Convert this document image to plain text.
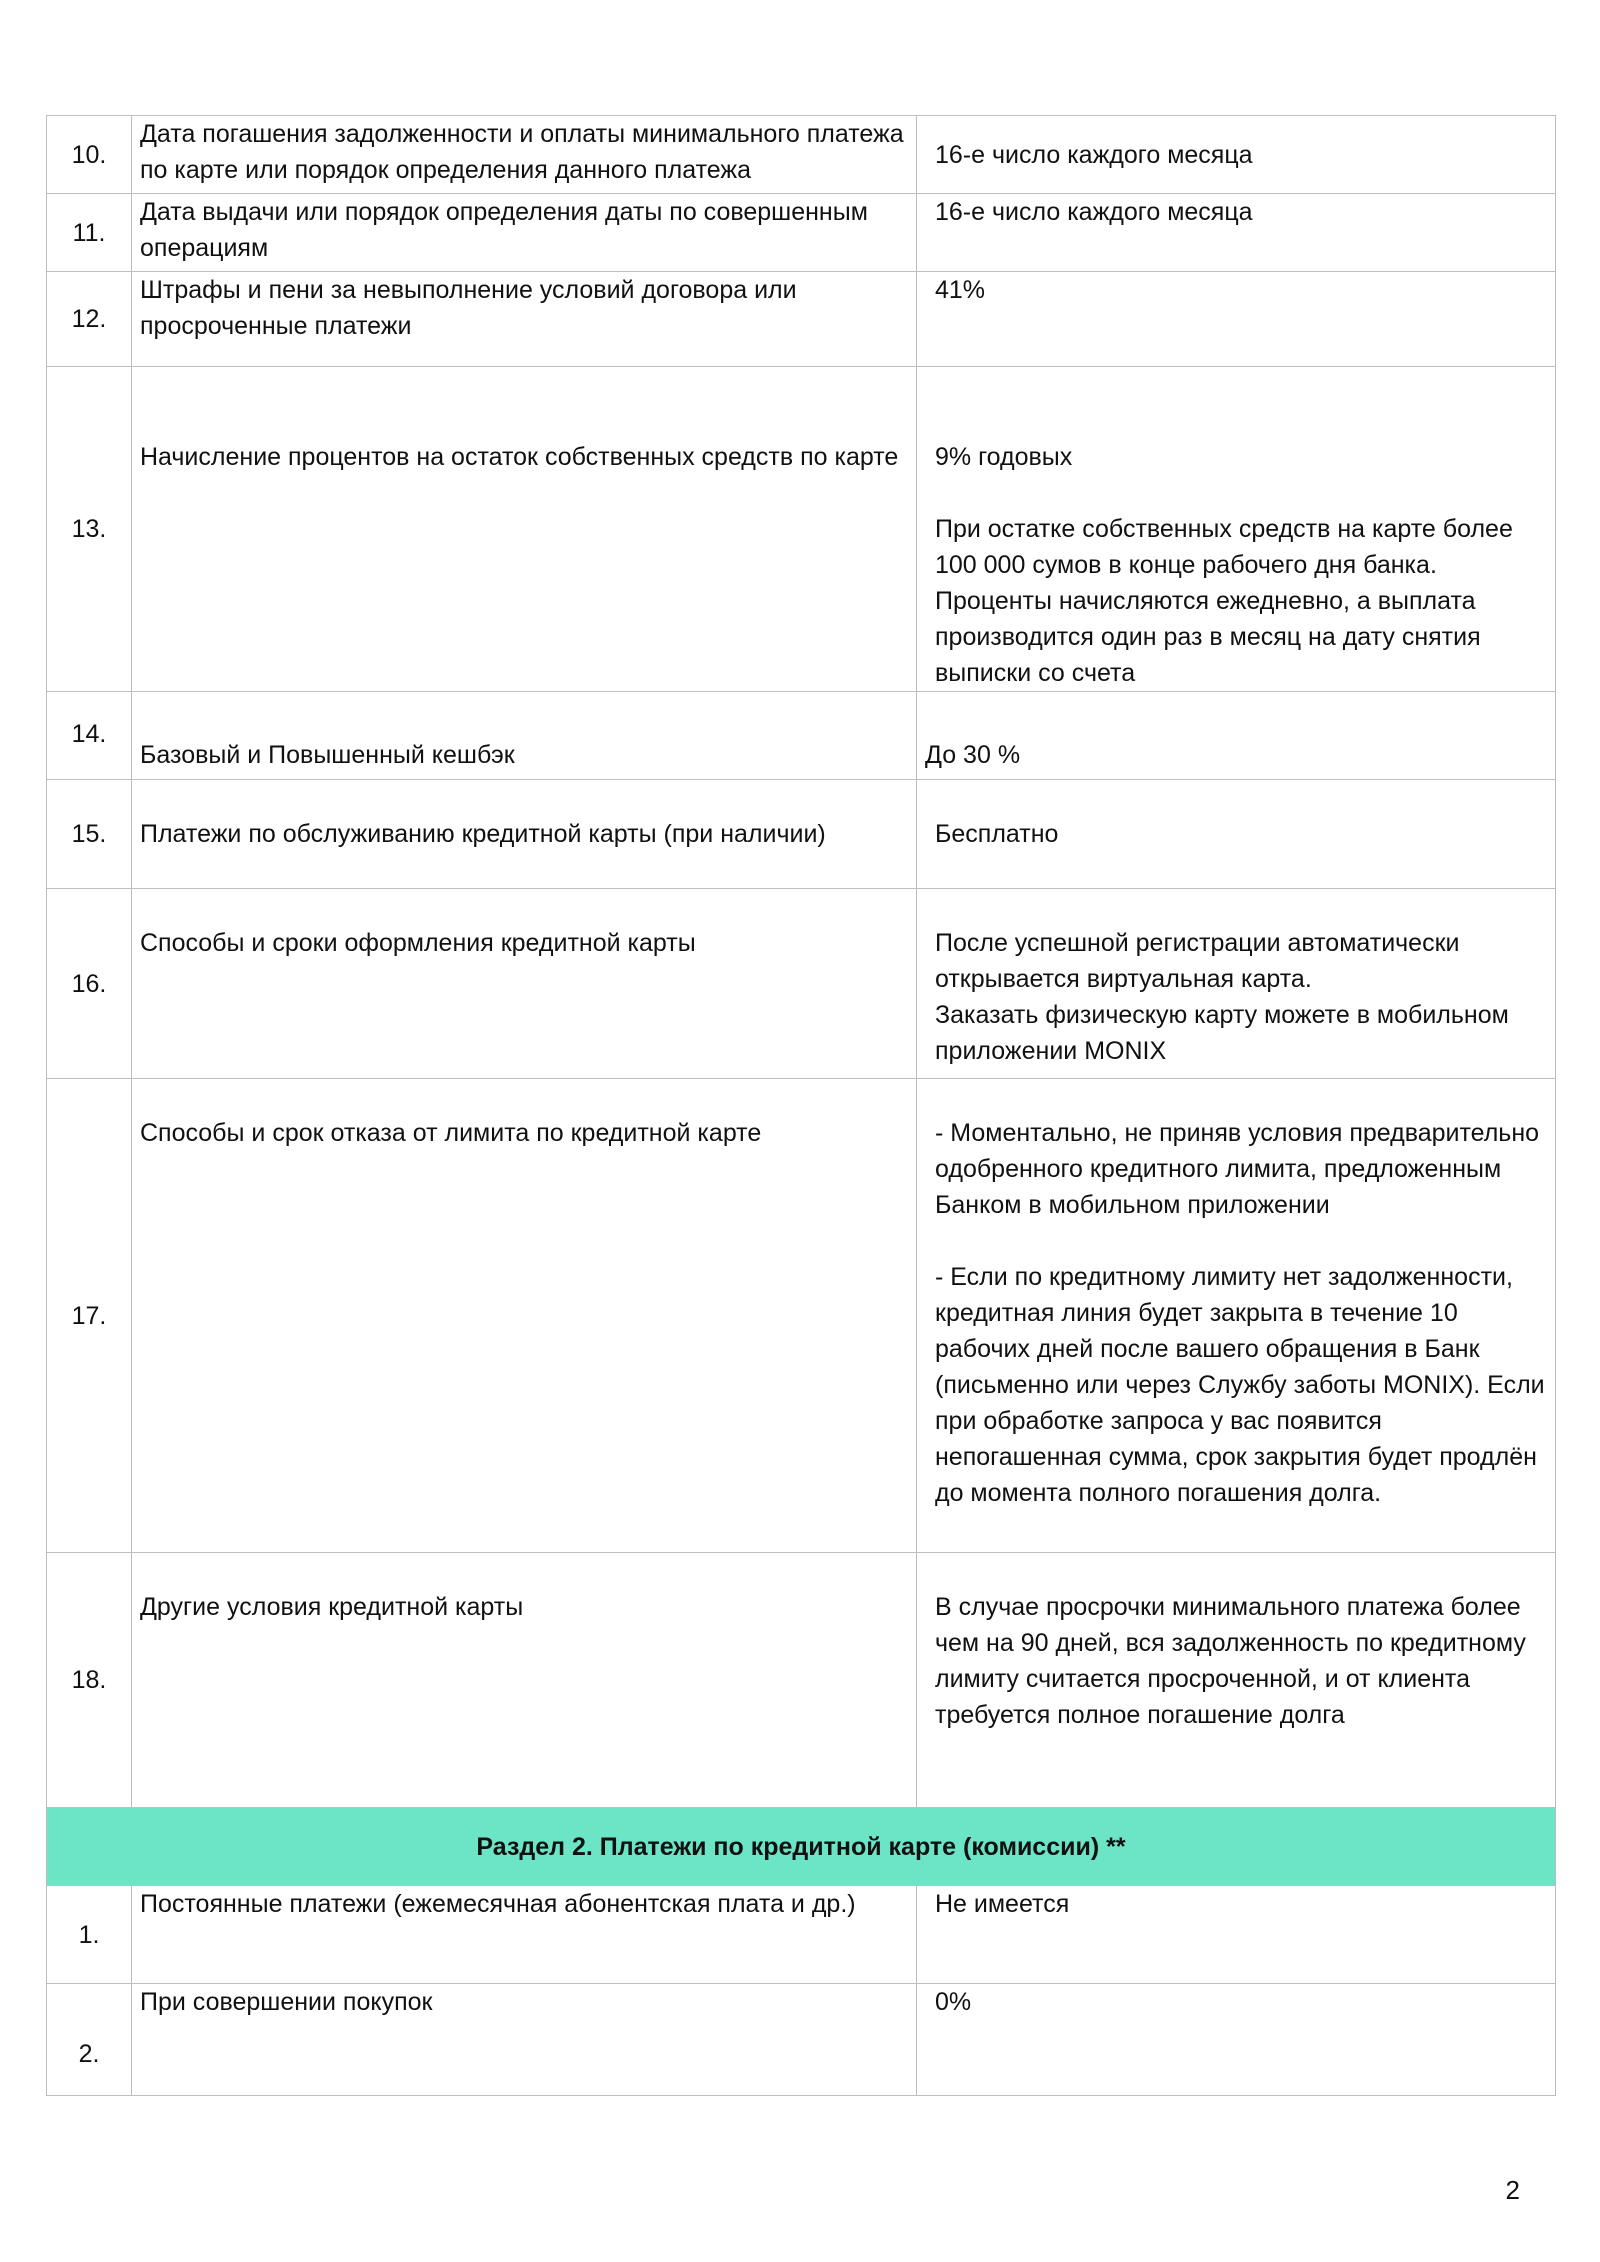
10.	Дата погашения задолженности и оплаты минимального платежа по карте или порядок определения данного платежа	16-е число каждого месяца

11.	Дата выдачи или порядок определения даты по совершенным операциям	16-е число каждого месяца
12.	Штрафы и пени за невыполнение условий договора или просроченные платежи	41%
13.	Начисление процентов на остаток собственных средств по карте	9% годовых
При остатке собственных средств на карте более 100 000 сумов в конце рабочего дня банка. Проценты начисляются ежедневно, а выплата производится один раз в месяц на дату снятия выписки со счета

14.	Базовый и Повышенный кешбэк	До 30 %
15.	Платежи по обслуживанию кредитной карты (при наличии)	Бесплатно
16.	Способы и сроки оформления кредитной карты	После успешной регистрации автоматически открывается виртуальная карта.
Заказать физическую карту можете в мобильном приложении MONIX

17.	Способы и срок отказа от лимита по кредитной карте	- Моментально, не приняв условия предварительно одобренного кредитного лимита, предложенным Банком в мобильном приложении
- Если по кредитному лимиту нет задолженности, кредитная линия будет закрыта в течение 10 рабочих дней после вашего обращения в Банк (письменно или через Службу заботы MONIX). Если при обработке запроса у вас появится непогашенная сумма, срок закрытия будет продлён до момента полного погашения долга.

18.	Другие условия кредитной карты	В случае просрочки минимального платежа более чем на 90 дней, вся задолженность по кредитному лимиту считается просроченной, и от клиента требуется полное погашение долга
Раздел 2. Платежи по кредитной карте (комиссии) **		
1.	Постоянные платежи (ежемесячная абонентская плата и др.)	Не имеется
2.	При совершении покупок	0%
2
